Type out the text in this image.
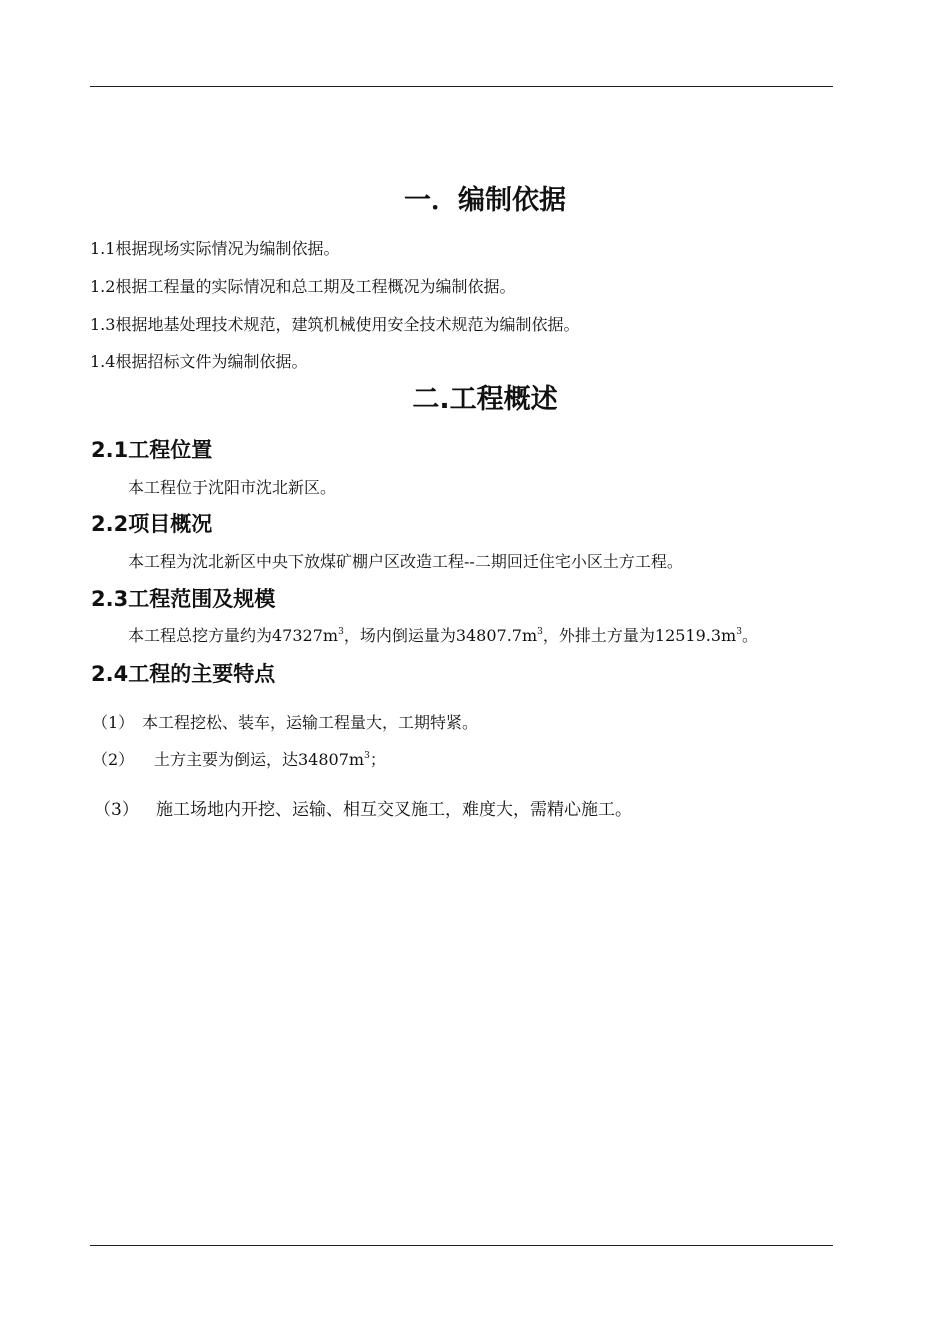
一．编制依据
1.1根据现场实际情况为编制依据。
1.2根据工程量的实际情况和总工期及工程概况为编制依据。
1.3根据地基处理技术规范，建筑机械使用安全技术规范为编制依据。
1.4根据招标文件为编制依据。
二.工程概述
2.1工程位置
本工程位于沈阳市沈北新区。
2.2项目概况
本工程为沈北新区中央下放煤矿棚户区改造工程--二期回迁住宅小区土方工程。
2.3工程范围及规模
本工程总挖方量约为$47327m^3$，场内倒运量为$34807.7m^3$，外排土方量为$12519.3m^3$。
2.4工程的主要特点
（1） 本工程挖松、装车，运输工程量大，工期特紧。
（2） 土方主要为倒运，达$34807m^3$；
（3） 施工场地内开挖、运输、相互交叉施工，难度大，需精心施工。
